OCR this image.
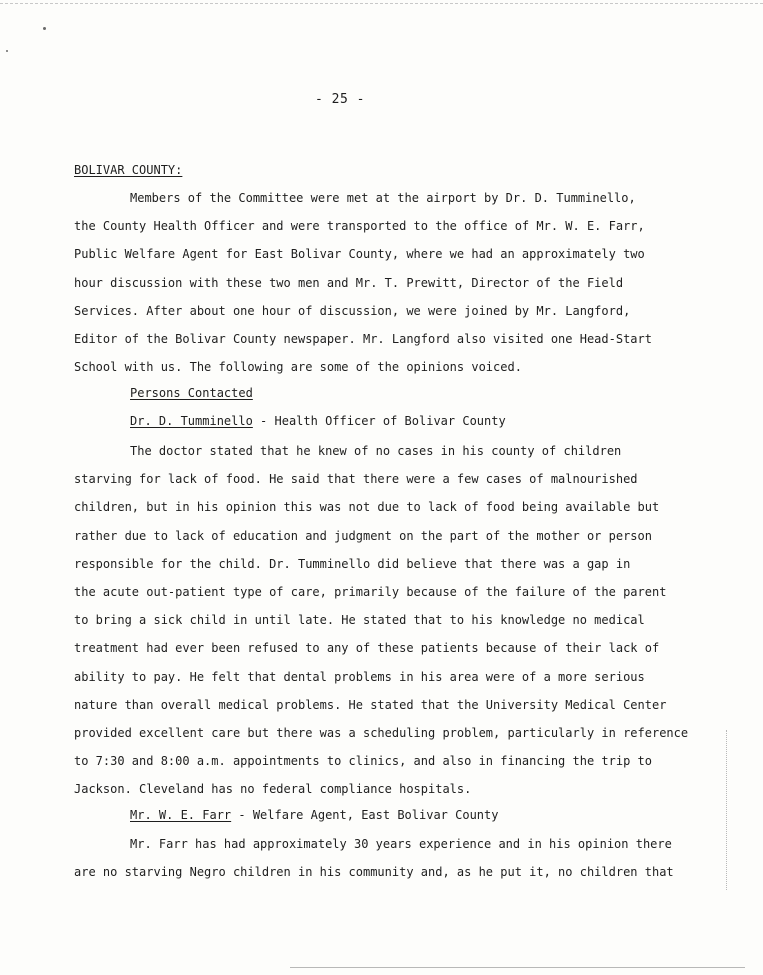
- 25 -
BOLIVAR COUNTY:
Members of the Committee were met at the airport by Dr. D. Tumminello,
the County Health Officer and were transported to the office of Mr. W. E. Farr,
Public Welfare Agent for East Bolivar County, where we had an approximately two
hour discussion with these two men and Mr. T. Prewitt, Director of the Field
Services. After about one hour of discussion, we were joined by Mr. Langford,
Editor of the Bolivar County newspaper. Mr. Langford also visited one Head-Start
School with us. The following are some of the opinions voiced.
Persons Contacted
Dr. D. Tumminello - Health Officer of Bolivar County
The doctor stated that he knew of no cases in his county of children
starving for lack of food. He said that there were a few cases of malnourished
children, but in his opinion this was not due to lack of food being available but
rather due to lack of education and judgment on the part of the mother or person
responsible for the child. Dr. Tumminello did believe that there was a gap in
the acute out-patient type of care, primarily because of the failure of the parent
to bring a sick child in until late. He stated that to his knowledge no medical
treatment had ever been refused to any of these patients because of their lack of
ability to pay. He felt that dental problems in his area were of a more serious
nature than overall medical problems. He stated that the University Medical Center
provided excellent care but there was a scheduling problem, particularly in reference
to 7:30 and 8:00 a.m. appointments to clinics, and also in financing the trip to
Jackson. Cleveland has no federal compliance hospitals.
Mr. W. E. Farr - Welfare Agent, East Bolivar County
Mr. Farr has had approximately 30 years experience and in his opinion there
are no starving Negro children in his community and, as he put it, no children that
